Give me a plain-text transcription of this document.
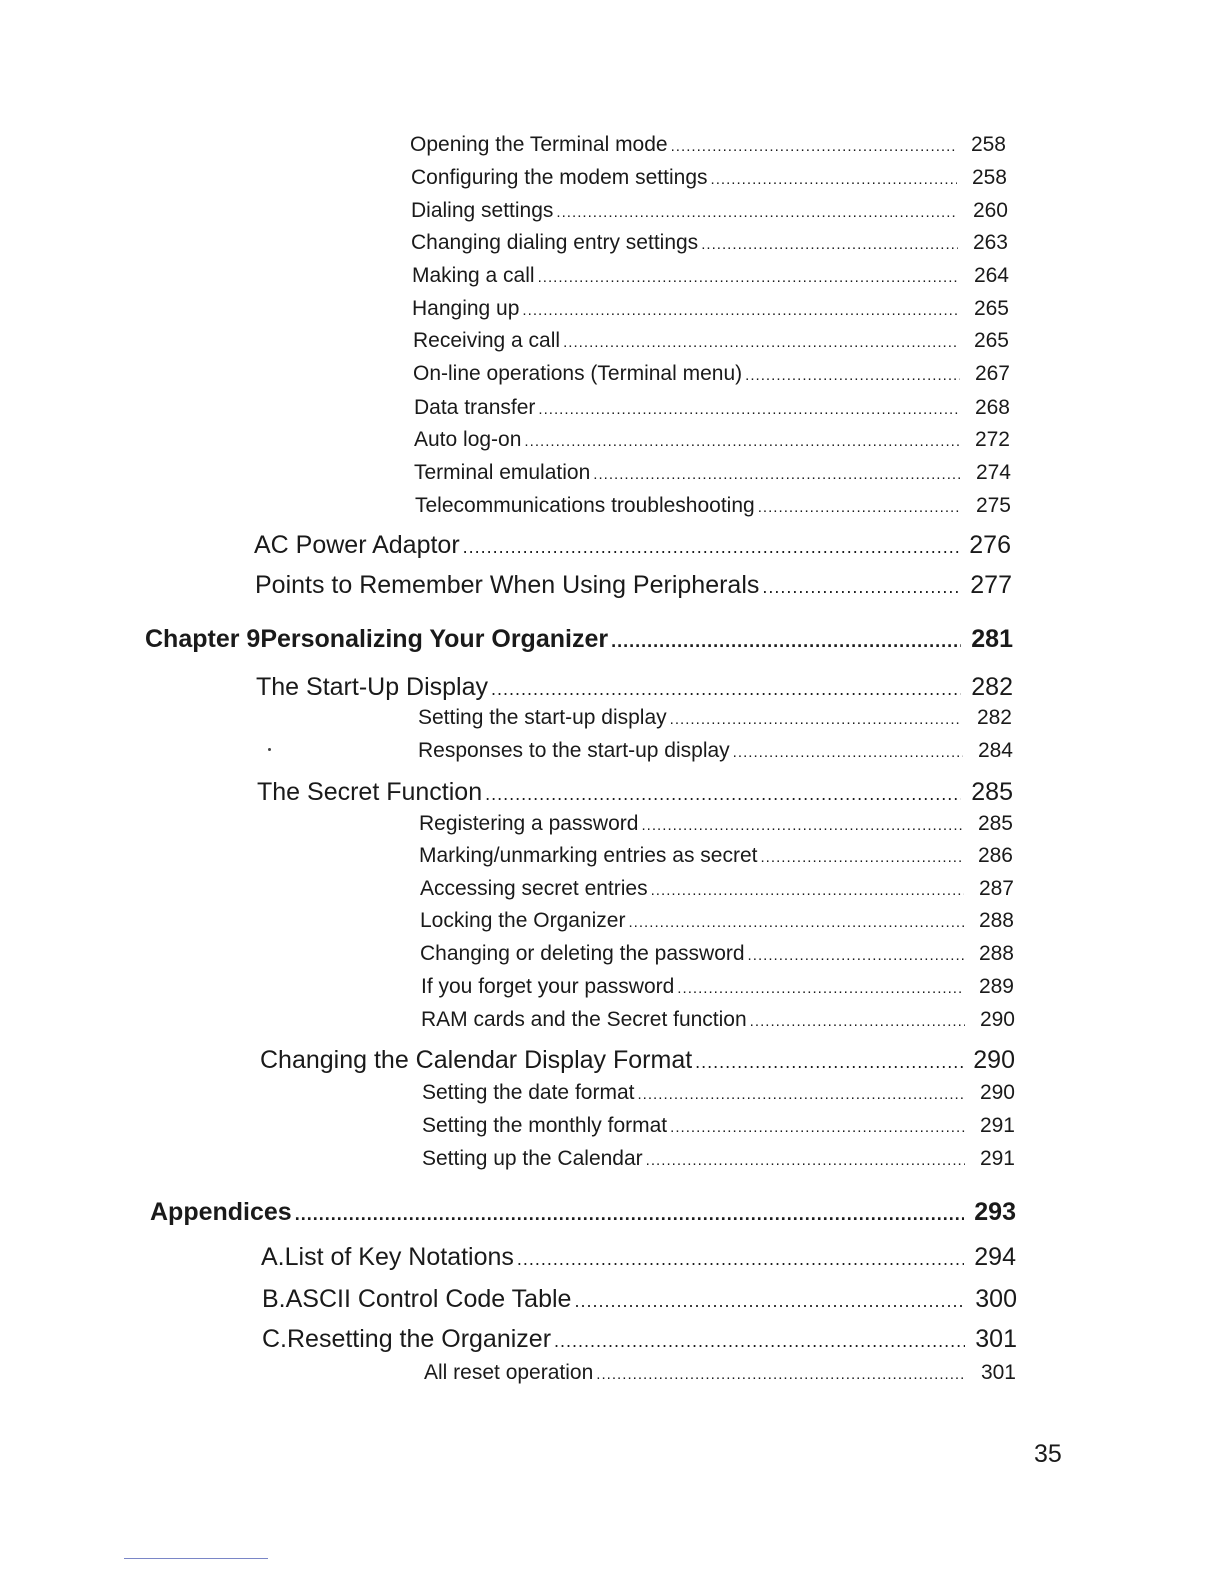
Opening the Terminal mode .....	258
Configuring the modem settings .....	258
Dialing settings .....	260
Changing dialing entry settings .....	263
Making a call .....	264
Hanging up .....	265
Receiving a call .....	265
On-line operations (Terminal menu) .....	267
Data transfer .....	268
Auto log-on .....	272
Terminal emulation .....	274
Telecommunications troubleshooting .....	275
AC Power Adaptor .....	276
Points to Remember When Using Peripherals .....	277
Chapter 9 Personalizing Your Organizer .....	281
The Start-Up Display .....	282
Setting the start-up display .....	282
Responses to the start-up display .....	284
The Secret Function .....	285
Registering a password .....	285
Marking/unmarking entries as secret .....	286
Accessing secret entries .....	287
Locking the Organizer .....	288
Changing or deleting the password .....	288
If you forget your password .....	289
RAM cards and the Secret function .....	290
Changing the Calendar Display Format .....	290
Setting the date format .....	290
Setting the monthly format .....	291
Setting up the Calendar .....	291
Appendices .....	293
A. List of Key Notations .....	294
B. ASCII Control Code Table .....	300
C. Resetting the Organizer .....	301
All reset operation .....	301
35
